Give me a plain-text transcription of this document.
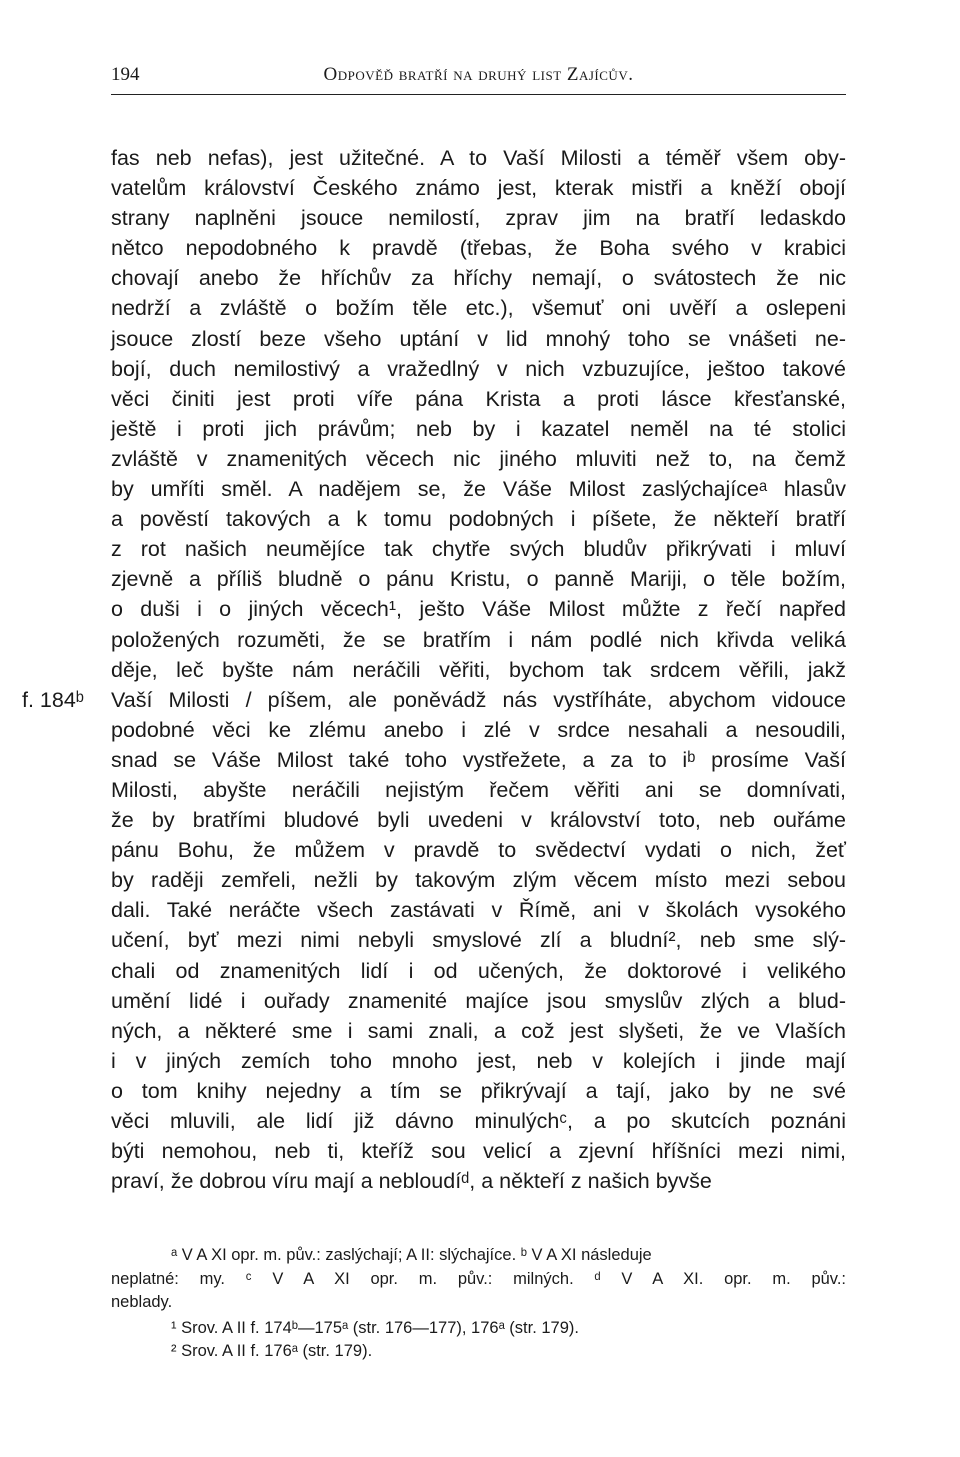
194	Odpověď bratří na druhý list Zajícův.
f. 184ᵇ
fas neb nefas), jest užitečné. A to Vaší Milosti a téměř všem oby-
vatelům království Českého známo jest, kterak mistři a kněží obojí
strany naplněni jsouce nemilostí, zprav jim na bratří ledaskdo
nětco nepodobného k pravdě (třebas, že Boha svého v krabici
chovají anebo že hříchův za hříchy nemají, o svátostech že nic
nedrží a zvláště o božím těle etc.), všemuť oni uvěří a oslepeni
jsouce zlostí beze všeho uptání v lid mnohý toho se vnášeti ne-
bojí, duch nemilostivý a vražedlný v nich vzbuzujíce, ještoo takové
věci činiti jest proti víře pána Krista a proti lásce křesťanské,
ještě i proti jich právům; neb by i kazatel neměl na té stolici
zvláště v znamenitých věcech nic jiného mluviti než to, na čemž
by umříti směl. A nadějem se, že Váše Milost zaslýchajíceᵃ hlasův
a pověstí takových a k tomu podobných i píšete, že někteří bratří
z rot našich neumějíce tak chytře svých bludův přikrývati i mluví
zjevně a příliš bludně o pánu Kristu, o panně Mariji, o těle božím,
o duši i o jiných věcech¹, ješto Váše Milost můžte z řečí napřed
položených rozuměti, že se bratřím i nám podlé nich křivda veliká
děje, leč byšte nám neráčili věřiti, bychom tak srdcem věřili, jakž
Vaší Milosti / píšem, ale poněvádž nás vystříháte, abychom vidouce
podobné věci ke zlému anebo i zlé v srdce nesahali a nesoudili,
snad se Váše Milost také toho vystřežete, a za to iᵇ prosíme Vaší
Milosti, abyšte neráčili nejistým řečem věřiti ani se domnívati,
že by bratřími bludové byli uvedeni v království toto, neb ouřáme
pánu Bohu, že můžem v pravdě to svědectví vydati o nich, žeť
by raději zemřeli, nežli by takovým zlým věcem místo mezi sebou
dali. Také neráčte všech zastávati v Římě, ani v školách vysokého
učení, byť mezi nimi nebyli smyslové zlí a bludní², neb sme slý-
chali od znamenitých lidí i od učených, že doktorové i velikého
umění lidé i ouřady znamenité majíce jsou smyslův zlých a blud-
ných, a některé sme i sami znali, a což jest slyšeti, že ve Vlaších
i v jiných zemích toho mnoho jest, neb v kolejích i jinde mají
o tom knihy nejedny a tím se přikrývají a tají, jako by ne své
věci mluvili, ale lidí již dávno minulýchᶜ, a po skutcích poznáni
býti nemohou, neb ti, kteříž sou velicí a zjevní hříšníci mezi nimi,
praví, že dobrou víru mají a nebloudíᵈ, a někteří z našich byvše
ᵃ V A XI opr. m. pův.: zaslýchají; A II: slýchajíce. ᵇ V A XI následuje
neplatné: my. ᶜ V A XI opr. m. pův.: milných. ᵈ V A XI. opr. m. pův.:
neblady.
¹ Srov. A II f. 174ᵇ—175ᵃ (str. 176—177), 176ᵃ (str. 179).
² Srov. A II f. 176ᵃ (str. 179).
